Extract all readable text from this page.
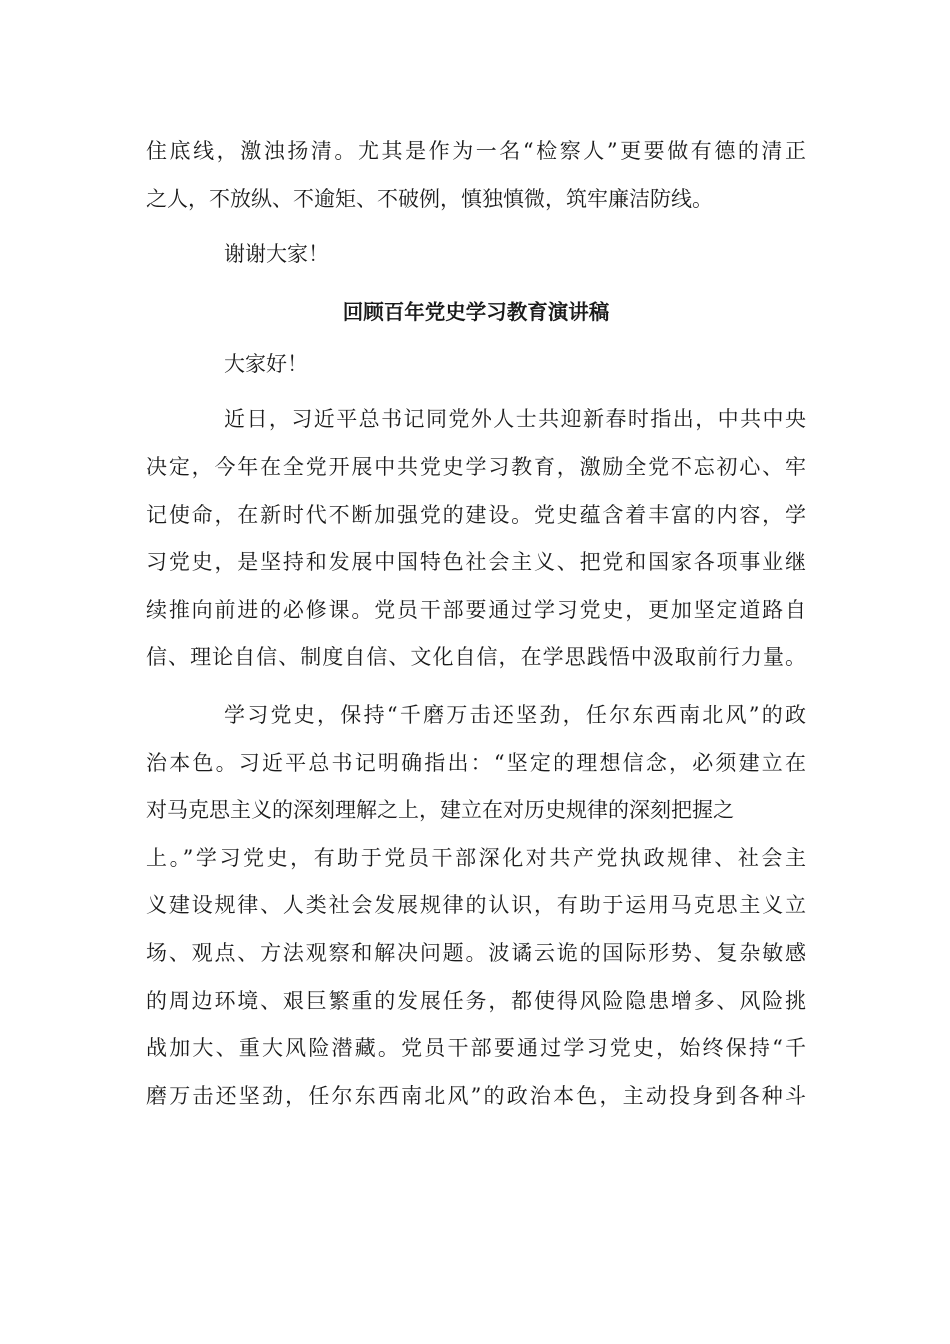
住底线，激浊扬清。尤其是作为一名“检察人”更要做有德的清正
之人，不放纵、不逾矩、不破例，慎独慎微，筑牢廉洁防线。
谢谢大家！
回顾百年党史学习教育演讲稿
大家好！
近日，习近平总书记同党外人士共迎新春时指出，中共中央
决定，今年在全党开展中共党史学习教育，激励全党不忘初心、牢
记使命，在新时代不断加强党的建设。党史蕴含着丰富的内容，学
习党史，是坚持和发展中国特色社会主义、把党和国家各项事业继
续推向前进的必修课。党员干部要通过学习党史，更加坚定道路自
信、理论自信、制度自信、文化自信，在学思践悟中汲取前行力量。
学习党史，保持“千磨万击还坚劲，任尔东西南北风”的政
治本色。习近平总书记明确指出：“坚定的理想信念，必须建立在
对马克思主义的深刻理解之上，建立在对历史规律的深刻把握之
上。”学习党史，有助于党员干部深化对共产党执政规律、社会主
义建设规律、人类社会发展规律的认识，有助于运用马克思主义立
场、观点、方法观察和解决问题。波谲云诡的国际形势、复杂敏感
的周边环境、艰巨繁重的发展任务，都使得风险隐患增多、风险挑
战加大、重大风险潜藏。党员干部要通过学习党史，始终保持“千
磨万击还坚劲，任尔东西南北风”的政治本色，主动投身到各种斗
